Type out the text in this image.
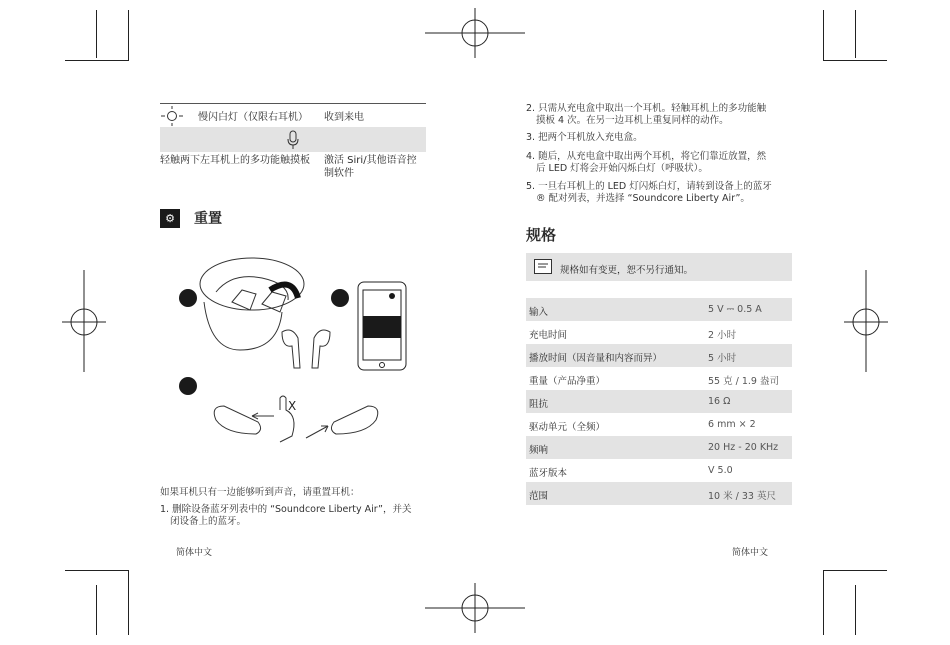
慢闪白灯（仅限右耳机） 收到来电
轻触两下左耳机上的多功能触摸板	激活 Siri/其他语音控
制软件
⚙	重置
X
如果耳机只有一边能够听到声音，请重置耳机：
1. 删除设备蓝牙列表中的 “Soundcore Liberty Air”，并关
闭设备上的蓝牙。
简体中文
2. 只需从充电盒中取出一个耳机。轻触耳机上的多功能触
摸板 4 次。在另一边耳机上重复同样的动作。
3. 把两个耳机放入充电盒。
4. 随后，从充电盒中取出两个耳机，将它们靠近放置，然
后 LED 灯将会开始闪烁白灯（呼吸状）。
5. 一旦右耳机上的 LED 灯闪烁白灯，请转到设备上的蓝牙
® 配对列表，并选择 “Soundcore Liberty Air”。
规格
规格如有变更，恕不另行通知。
输入	5 V ⎓ 0.5 A
充电时间	2 小时
播放时间（因音量和内容而异）	5 小时
重量（产品净重）	55 克 / 1.9 盎司
阻抗	16 Ω
驱动单元（全频）	6 mm × 2
频响	20 Hz - 20 KHz
蓝牙版本	V 5.0
范围	10 米 / 33 英尺
简体中文
